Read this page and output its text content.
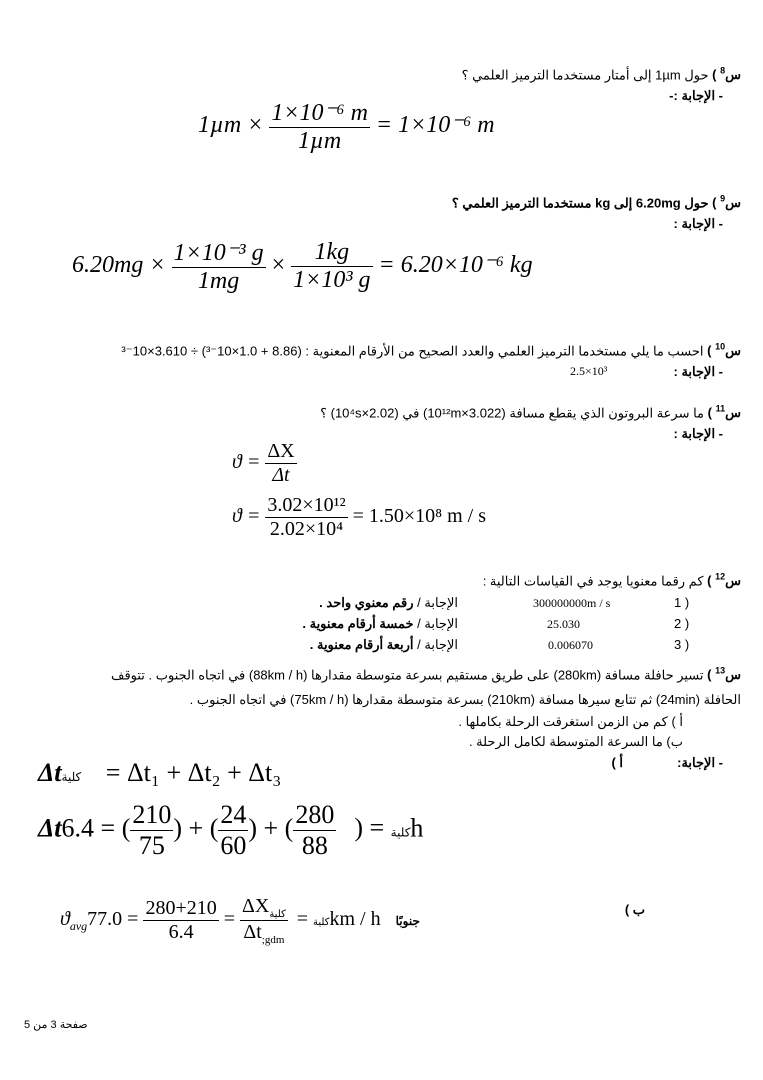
س$^8$ ) حول 1µm إلى أمتار مستخدما الترميز العلمي ؟
- الإجابة :-
$1\mu m \times \frac{\text{1×10⁻⁶ m}}{\text{1µm}} = 1\times 10^{-6}$ m
س$^9$ ) حول 6.20mg إلى kg مستخدما الترميز العلمي ؟
- الإجابة :
$6.20mg \times \frac{\text{1×10⁻³ g}}{1mg} \times \frac{1kg}{\text{1×10³ g}} = 6.20\times 10^{-6}$ kg
س$^{10}$ ) احسب ما يلي مستخدما الترميز العلمي والعدد الصحيح من الأرقام المعنوية : (8.86 + 1.0×10⁻³) ÷ 3.610×10⁻³
- الإجابة :
2.5×10³
س$^{11}$ ) ما سرعة البروتون الذي يقطع مسافة (3.022×10¹²m) في (2.02×10⁴s) ؟
- الإجابة :
$ϑ = \frac{\Delta X}{\Delta t}$
$ϑ = \frac{\text{3.02×10¹²}}{\text{2.02×10⁴}} = 1.50\times 10^8$ m / s
س$^{12}$ ) كم رقما معنويا يوجد في القياسات التالية :
1 )
300000000m / s
الإجابة / رقم معنوي واحد .
2 )
25.030
الإجابة / خمسة أرقام معنوية .
3 )
0.006070
الإجابة / أربعة أرقام معنوية .
س$^{13}$ ) تسير حافلة مسافة (280km) على طريق مستقيم بسرعة متوسطة مقدارها (88km / h) في اتجاه الجنوب . تتوقف
الحافلة (24min) ثم تتابع سيرها مسافة (210km) بسرعة متوسطة مقدارها (75km / h) في اتجاه الجنوب .
أ ) كم من الزمن استغرقت الرحلة بكاملها .
ب) ما السرعة المتوسطة لكامل الرحلة .
- الإجابة:
أ )
Δtكلية = Δt₁ + Δt₂ + Δt₃
Δt	كلية = (
$\frac{280}{88}$
) + (
$\frac{24}{60}$
) + (
$\frac{210}{75}$
) = 6.4h
ب )
$ϑ_{avg}$	كلية =
$\frac{\Delta X_{كلية}}{\Delta t_{;gdm}}$
=
$\frac{280+210}{6.4}$
= 77.0km / h جنوبًا
صفحة 3 من 5
